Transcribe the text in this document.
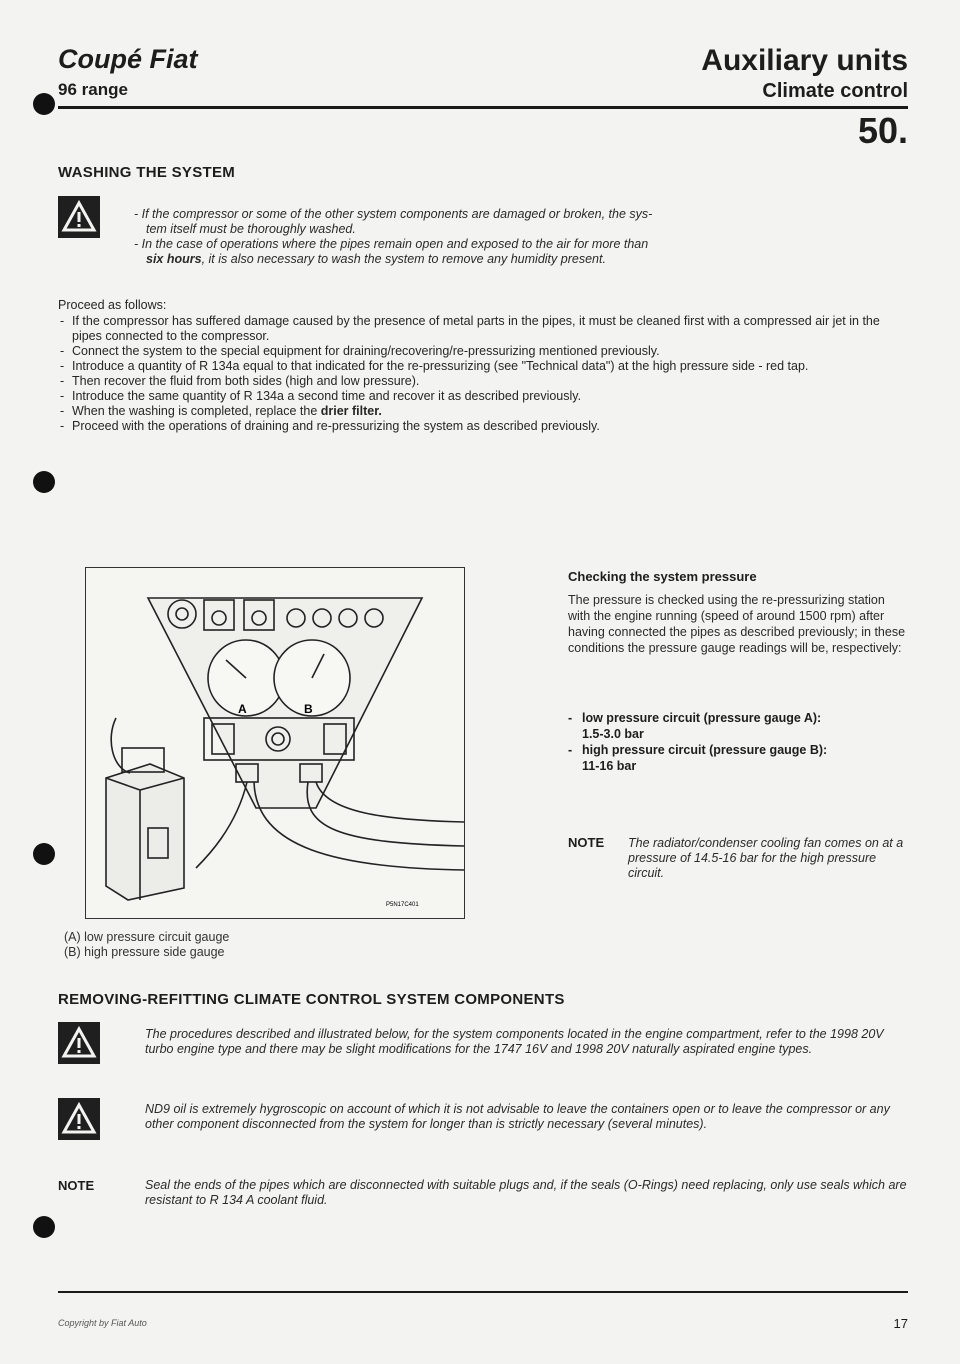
Coupé Fiat
96 range
Auxiliary units
Climate control
50.
WASHING THE SYSTEM
- If the compressor or some of the other system components are damaged or broken, the sys-
tem itself must be thoroughly washed.
- In the case of operations where the pipes remain open and exposed to the air for more than
six hours, it is also necessary to wash the system to remove any humidity present.
Proceed as follows:
- If the compressor has suffered damage caused by the presence of metal parts in the pipes, it must be cleaned first with a compressed air jet in the pipes connected to the compressor.
- Connect the system to the special equipment for draining/recovering/re-pressurizing mentioned previously.
- Introduce a quantity of R 134a equal to that indicated for the re-pressurizing (see "Technical data") at the high pressure side - red tap.
- Then recover the fluid from both sides (high and low pressure).
- Introduce the same quantity of R 134a a second time and recover it as described previously.
- When the washing is completed, replace the drier filter.
- Proceed with the operations of draining and re-pressurizing the system as described previously.
A	B
P5N17C401
(A) low pressure circuit gauge
(B) high pressure side gauge
Checking the system pressure
The pressure is checked using the re-pressurizing station with the engine running (speed of around 1500 rpm) after having connected the pipes as described previously; in these conditions the pressure gauge readings will be, respectively:
- low pressure circuit (pressure gauge A):
1.5-3.0 bar
- high pressure circuit (pressure gauge B):
11-16 bar
NOTE The radiator/condenser cooling fan comes on at a pressure of 14.5-16 bar for the high pressure circuit.
REMOVING-REFITTING CLIMATE CONTROL SYSTEM COMPONENTS
The procedures described and illustrated below, for the system components located in the engine compartment, refer to the 1998 20V turbo engine type and there may be slight modifications for the 1747 16V and 1998 20V naturally aspirated engine types.
ND9 oil is extremely hygroscopic on account of which it is not advisable to leave the containers open or to leave the compressor or any other component disconnected from the system for longer than is strictly necessary (several minutes).
NOTE	Seal the ends of the pipes which are disconnected with suitable plugs and, if the seals (O-Rings) need replacing, only use seals which are resistant to R 134 A coolant fluid.
Copyright by Fiat Auto	17
